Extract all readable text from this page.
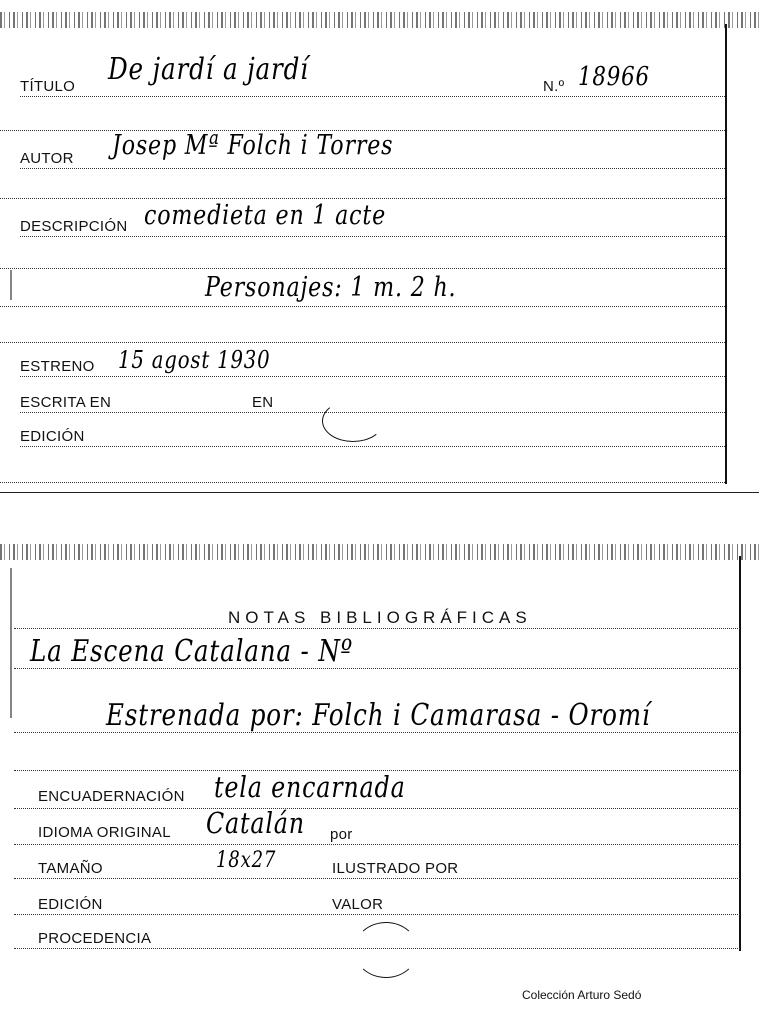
TÍTULO De jardí a jardí	N.º 18966
AUTOR Josep Mª Folch i Torres
DESCRIPCIÓN comedieta en 1 acte
Personajes: 1 m. 2 h.
ESTRENO 15 agost 1930
ESCRITA EN	EN
EDICIÓN
NOTAS BIBLIOGRÁFICAS
La Escena Catalana - Nº
Estrenada por: Folch i Camarasa - Oromí
ENCUADERNACIÓN tela encarnada
IDIOMA ORIGINAL Catalán por
TAMAÑO	18x27	ILUSTRADO POR
EDICIÓN	VALOR
PROCEDENCIA
Colección Arturo Sedó
